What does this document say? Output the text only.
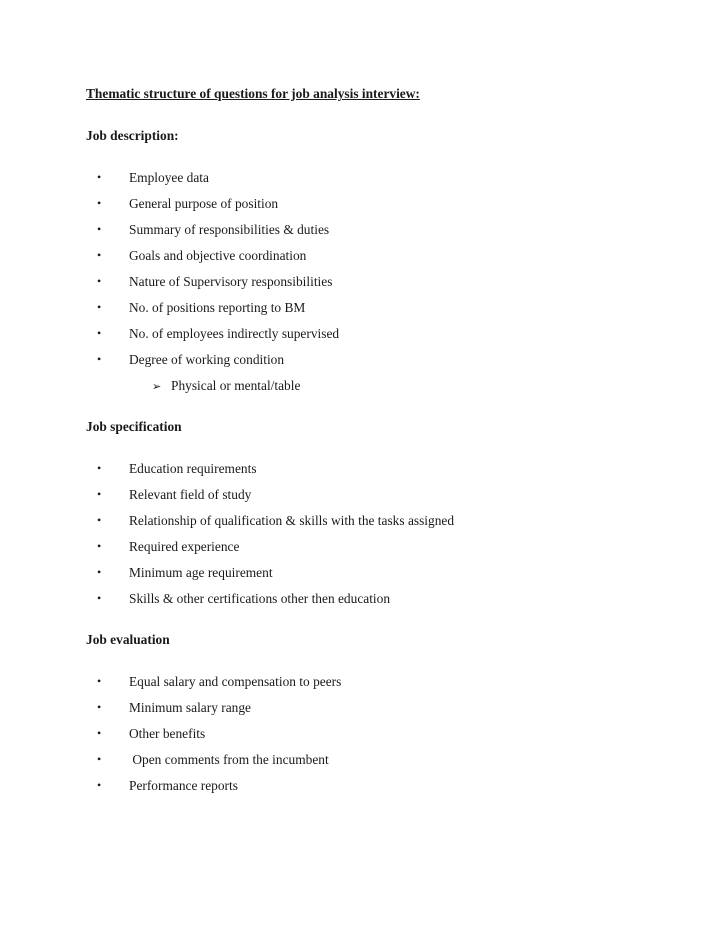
Thematic structure of questions for job analysis interview:
Job description:
• Employee data
• General purpose of position
• Summary of responsibilities & duties
• Goals and objective coordination
• Nature of Supervisory responsibilities
• No. of positions reporting to BM
• No. of employees indirectly supervised
• Degree of working condition
➢ Physical or mental/table
Job specification
• Education requirements
• Relevant field of study
• Relationship of qualification & skills with the tasks assigned
• Required experience
• Minimum age requirement
• Skills & other certifications other then education
Job evaluation
• Equal salary and compensation to peers
• Minimum salary range
• Other benefits
• Open comments from the incumbent
• Performance reports
